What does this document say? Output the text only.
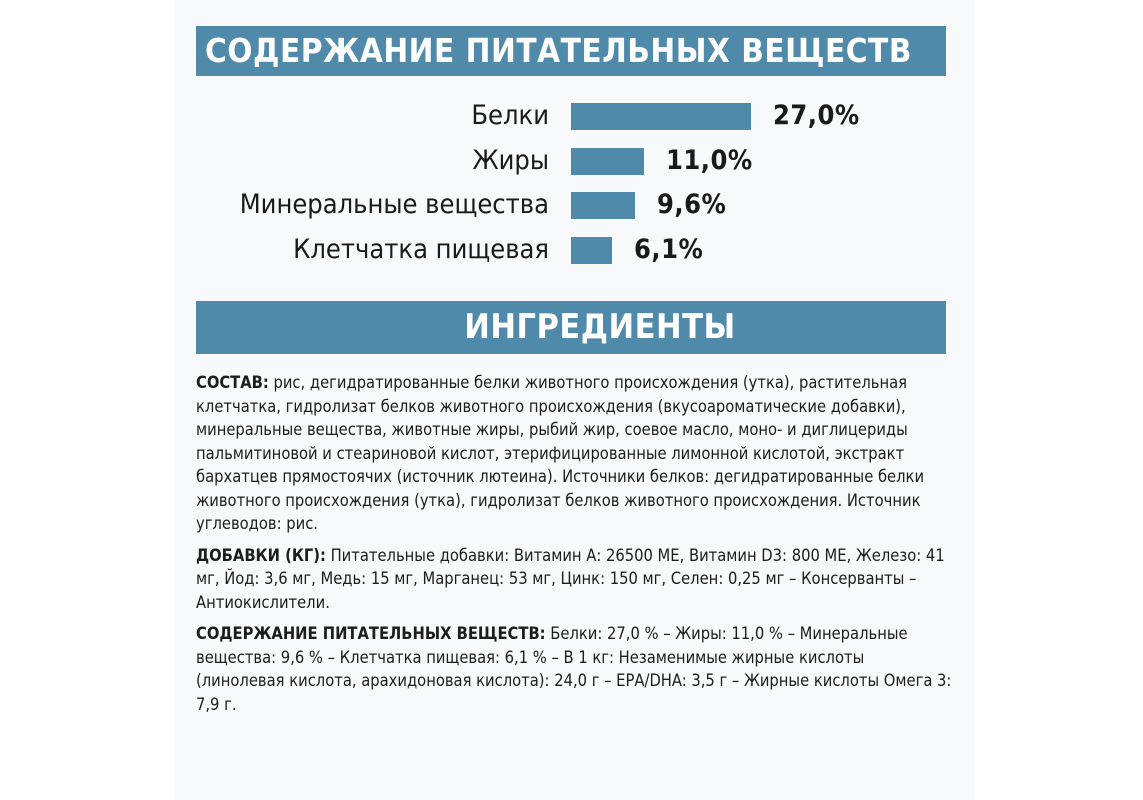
СОДЕРЖАНИЕ ПИТАТЕЛЬНЫХ ВЕЩЕСТВ
Белки	27,0%
Жиры	11,0%
Минеральные вещества	9,6%
Клетчатка пищевая	6,1%
ИНГРЕДИЕНТЫ

СОСТАВ: рис, дегидратированные белки животного происхождения (утка), растительная клетчатка, гидролизат белков животного происхождения (вкусоароматические добавки), минеральные вещества, животные жиры, рыбий жир, соевое масло, моно- и диглицериды пальмитиновой и стеариновой кислот, этерифицированные лимонной кислотой, экстракт бархатцев прямостоячих (источник лютеина). Источники белков: дегидратированные белки животного происхождения (утка), гидролизат белков животного происхождения. Источник углеводов: рис.

ДОБАВКИ (КГ): Питательные добавки: Витамин А: 26500 МЕ, Витамин D3: 800 МЕ, Железо: 41 мг, Йод: 3,6 мг, Медь: 15 мг, Марганец: 53 мг, Цинк: 150 мг, Селен: 0,25 мг – Консерванты – Антиокислители.

СОДЕРЖАНИЕ ПИТАТЕЛЬНЫХ ВЕЩЕСТВ: Белки: 27,0 % – Жиры: 11,0 % – Минеральные вещества: 9,6 % – Клетчатка пищевая: 6,1 % – В 1 кг: Незаменимые жирные кислоты (линолевая кислота, арахидоновая кислота): 24,0 г – ЕРА/DHA: 3,5 г – Жирные кислоты Омега 3: 7,9 г.
